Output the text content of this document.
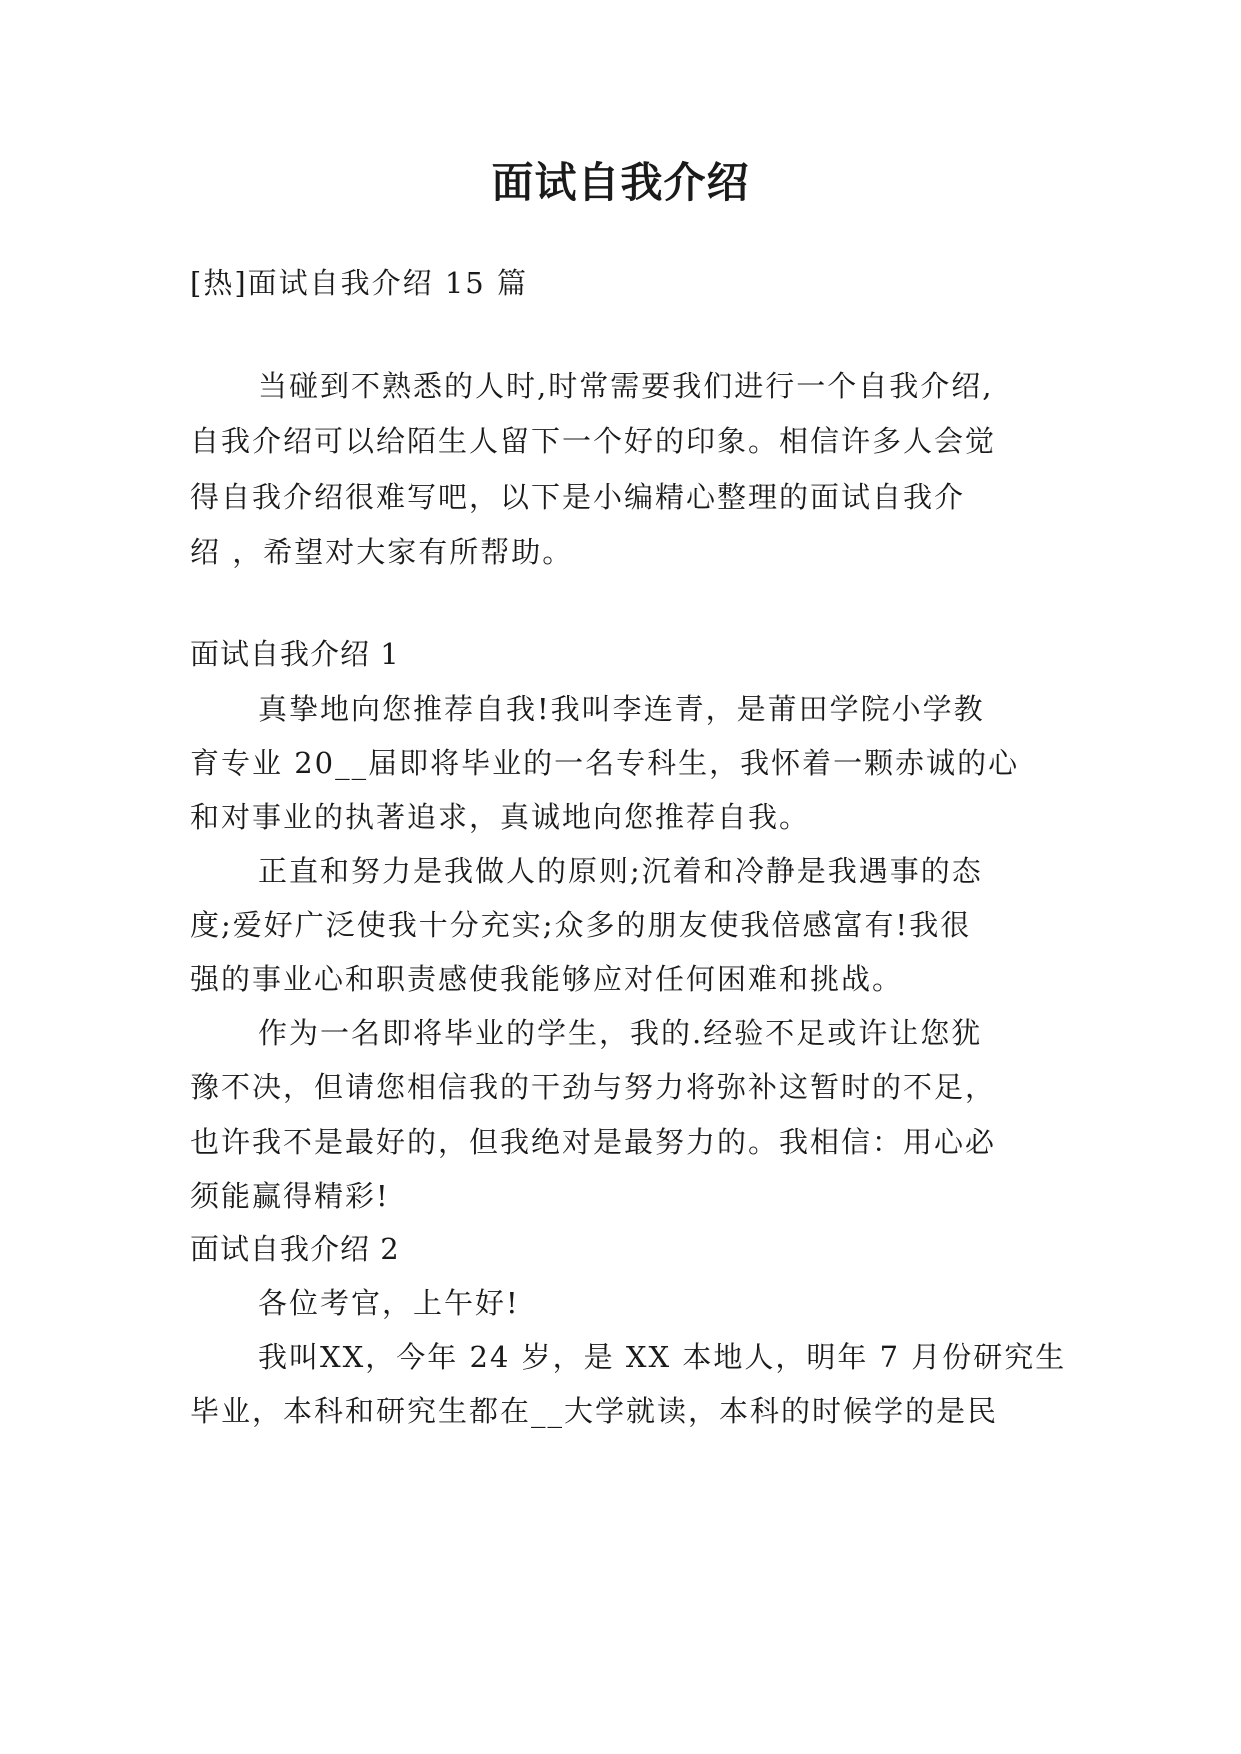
面试自我介绍
[热]面试自我介绍 15 篇
当碰到不熟悉的人时,时常需要我们进行一个自我介绍,
自我介绍可以给陌生人留下一个好的印象。相信许多人会觉
得自我介绍很难写吧，以下是小编精心整理的面试自我介
绍 ，希望对大家有所帮助。
面试自我介绍 1
真挚地向您推荐自我!我叫李连青，是莆田学院小学教
育专业 20__届即将毕业的一名专科生，我怀着一颗赤诚的心
和对事业的执著追求，真诚地向您推荐自我。
正直和努力是我做人的原则;沉着和冷静是我遇事的态
度;爱好广泛使我十分充实;众多的朋友使我倍感富有!我很
强的事业心和职责感使我能够应对任何困难和挑战。
作为一名即将毕业的学生，我的.经验不足或许让您犹
豫不决，但请您相信我的干劲与努力将弥补这暂时的不足，
也许我不是最好的，但我绝对是最努力的。我相信：用心必
须能赢得精彩!
面试自我介绍 2
各位考官，上午好!
我叫XX，今年 24 岁，是 XX 本地人，明年 7 月份研究生
毕业，本科和研究生都在__大学就读，本科的时候学的是民
